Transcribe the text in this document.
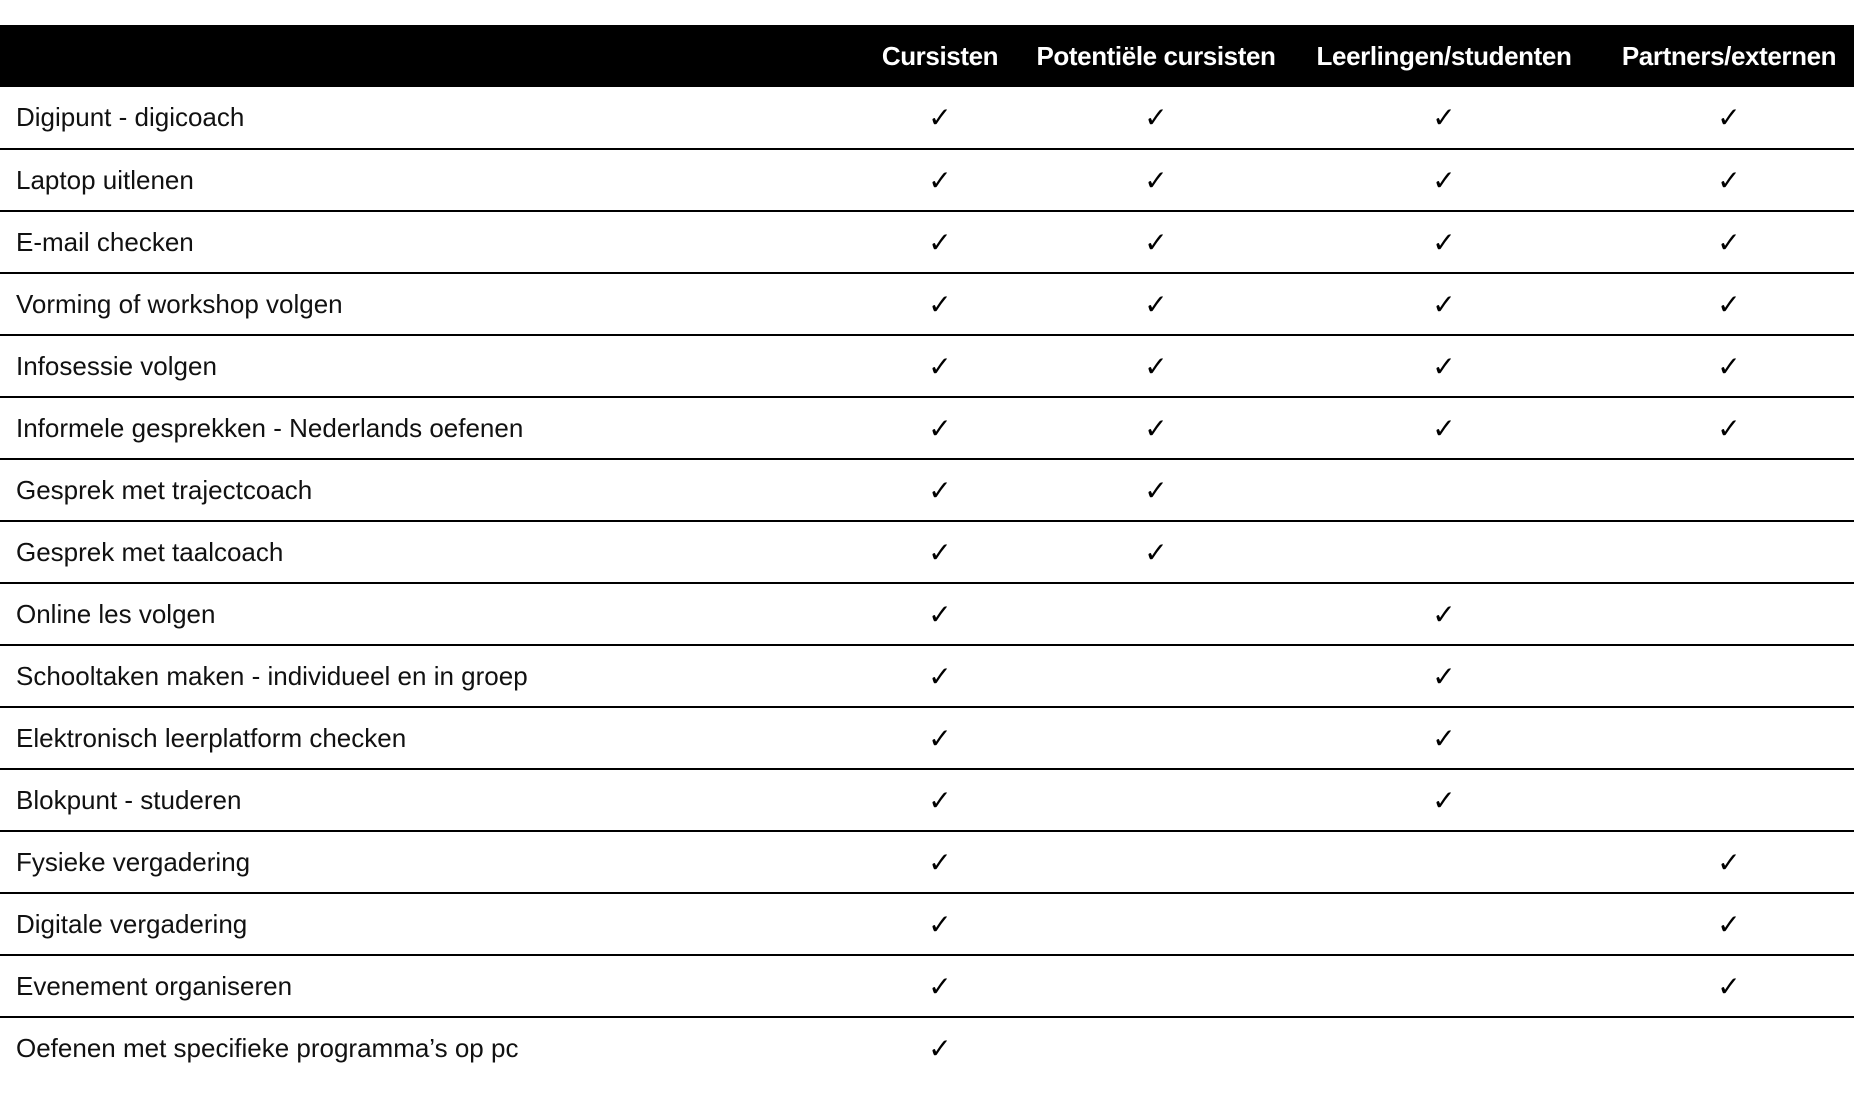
	Cursisten	Potentiële cursisten	Leerlingen/studenten	Partners/externen
Digipunt - digicoach	✓	✓	✓	✓
Laptop uitlenen	✓	✓	✓	✓
E-mail checken	✓	✓	✓	✓
Vorming of workshop volgen	✓	✓	✓	✓
Infosessie volgen	✓	✓	✓	✓
Informele gesprekken - Nederlands oefenen	✓	✓	✓	✓
Gesprek met trajectcoach	✓	✓		
Gesprek met taalcoach	✓	✓		
Online les volgen	✓		✓	
Schooltaken maken - individueel en in groep	✓		✓	
Elektronisch leerplatform checken	✓		✓	
Blokpunt - studeren	✓		✓	
Fysieke vergadering	✓			✓
Digitale vergadering	✓			✓
Evenement organiseren	✓			✓
Oefenen met specifieke programma’s op pc	✓			
